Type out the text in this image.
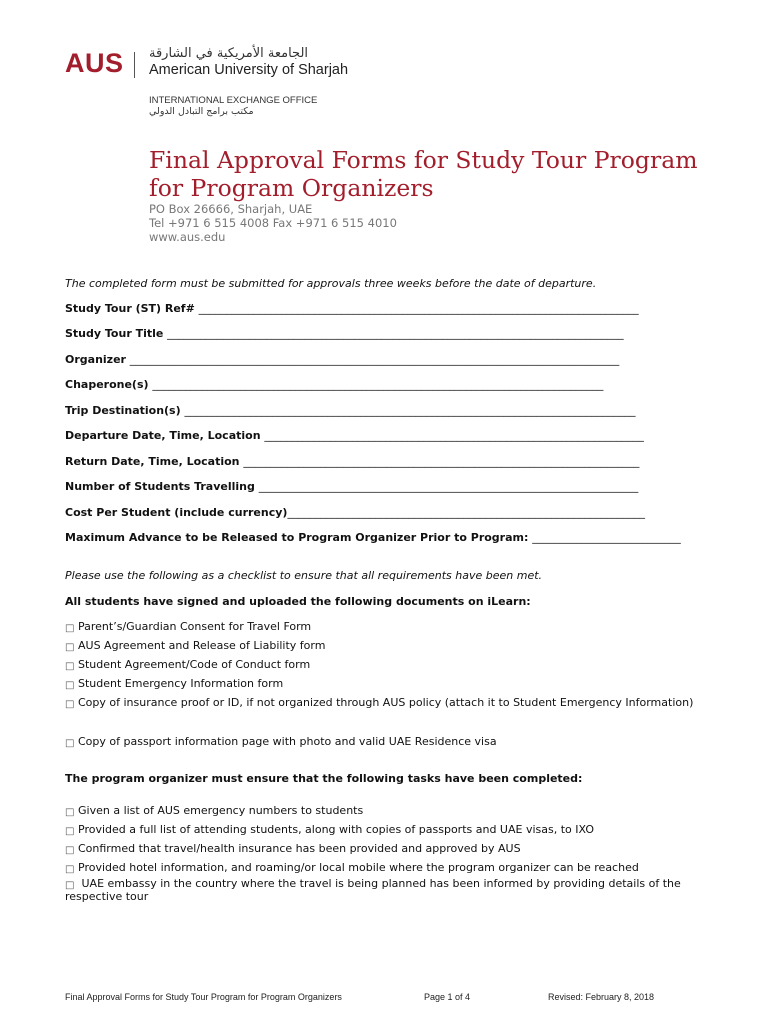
AUS الجامعة الأمريكية في الشارقة
American University of Sharjah
INTERNATIONAL EXCHANGE OFFICE
مكتب برامج التبادل الدولي
Final Approval Forms for Study Tour Program for Program Organizers
PO Box 26666, Sharjah, UAE
Tel +971 6 515 4008 Fax +971 6 515 4010
www.aus.edu
The completed form must be submitted for approvals three weeks before the date of departure.
Study Tour (ST) Ref# ________________________________________________________________________________
Study Tour Title ___________________________________________________________________________________
Organizer _________________________________________________________________________________________
Chaperone(s) __________________________________________________________________________________
Trip Destination(s) __________________________________________________________________________________
Departure Date, Time, Location _____________________________________________________________________
Return Date, Time, Location ________________________________________________________________________
Number of Students Travelling _____________________________________________________________________
Cost Per Student (include currency)_________________________________________________________________
Maximum Advance to be Released to Program Organizer Prior to Program: ___________________________
Please use the following as a checklist to ensure that all requirements have been met.
All students have signed and uploaded the following documents on iLearn:
□Parent’s/Guardian Consent for Travel Form
□AUS Agreement and Release of Liability form
□Student Agreement/Code of Conduct form
□Student Emergency Information form
□Copy of insurance proof or ID, if not organized through AUS policy (attach it to Student Emergency Information)
□Copy of passport information page with photo and valid UAE Residence visa
The program organizer must ensure that the following tasks have been completed:
□Given a list of AUS emergency numbers to students
□Provided a full list of attending students, along with copies of passports and UAE visas, to IXO
□Confirmed that travel/health insurance has been provided and approved by AUS
□Provided hotel information, and roaming/or local mobile where the program organizer can be reached
□ UAE embassy in the country where the travel is being planned has been informed by providing details of the respective tour
Final Approval Forms for Study Tour Program for Program Organizers	Page 1 of 4	Revised: February 8, 2018
